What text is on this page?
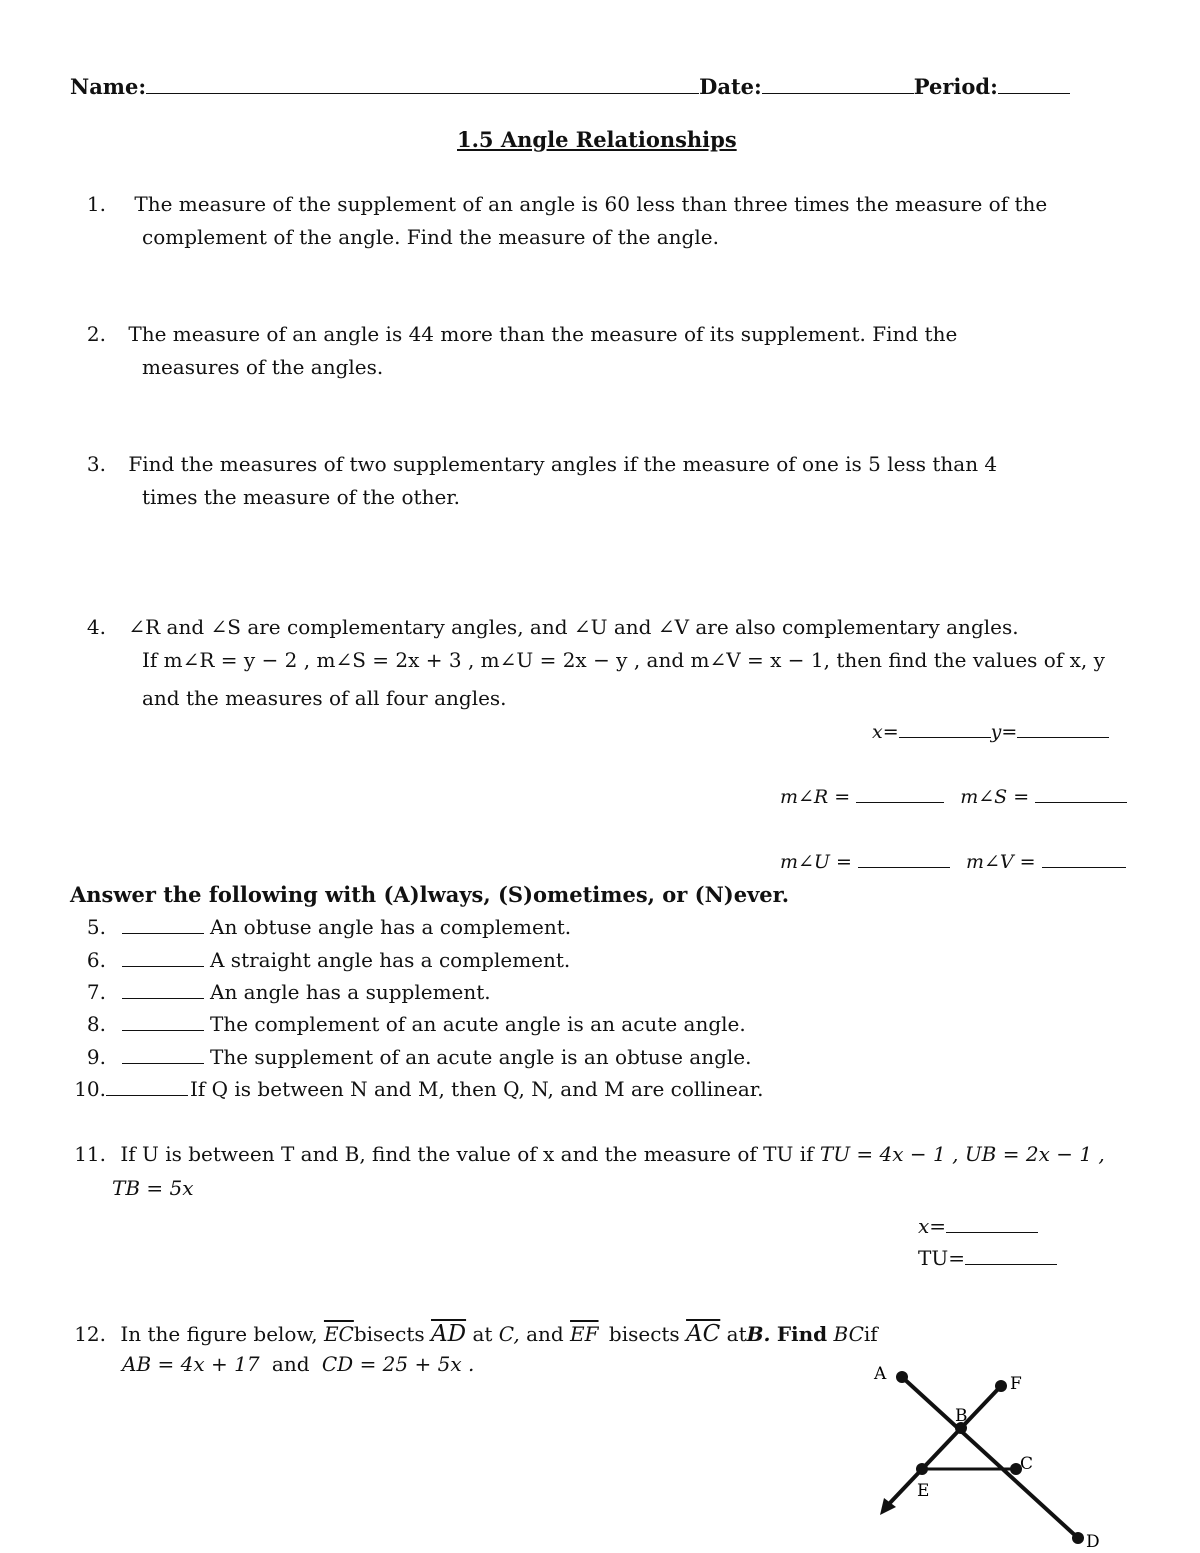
Name:	Date:	Period:
1.5 Angle Relationships
1. The measure of the supplement of an angle is 60 less than three times the measure of the
complement of the angle. Find the measure of the angle.
2. The measure of an angle is 44 more than the measure of its supplement. Find the
measures of the angles.
3. Find the measures of two supplementary angles if the measure of one is 5 less than 4
times the measure of the other.
4. ∠R and ∠S are complementary angles, and ∠U and ∠V are also complementary angles.
If m∠R = y − 2 , m∠S = 2x + 3 , m∠U = 2x − y , and m∠V = x − 1, then find the values of x, y
and the measures of all four angles.
x=	y=
m∠R =	m∠S =
m∠U =	m∠V =
Answer the following with (A)lways, (S)ometimes, or (N)ever.
5.	An obtuse angle has a complement.
6.	A straight angle has a complement.
7.	An angle has a supplement.
8.	The complement of an acute angle is an acute angle.
9.	The supplement of an acute angle is an obtuse angle.
10.	If Q is between N and M, then Q, N, and M are collinear.
11. If U is between T and B, find the value of x and the measure of TU if TU = 4x − 1 , UB = 2x − 1 ,
TB = 5x
x=
TU=
12. In the figure below, $\overline{EC}bisects$ $\overline{AD}$ at C, and $\overline{EF}$ bisects $\overline{AC}$ atB. Find BCif
AB = 4x + 17 and CD = 25 + 5x .	A	F
B
E
C
D
